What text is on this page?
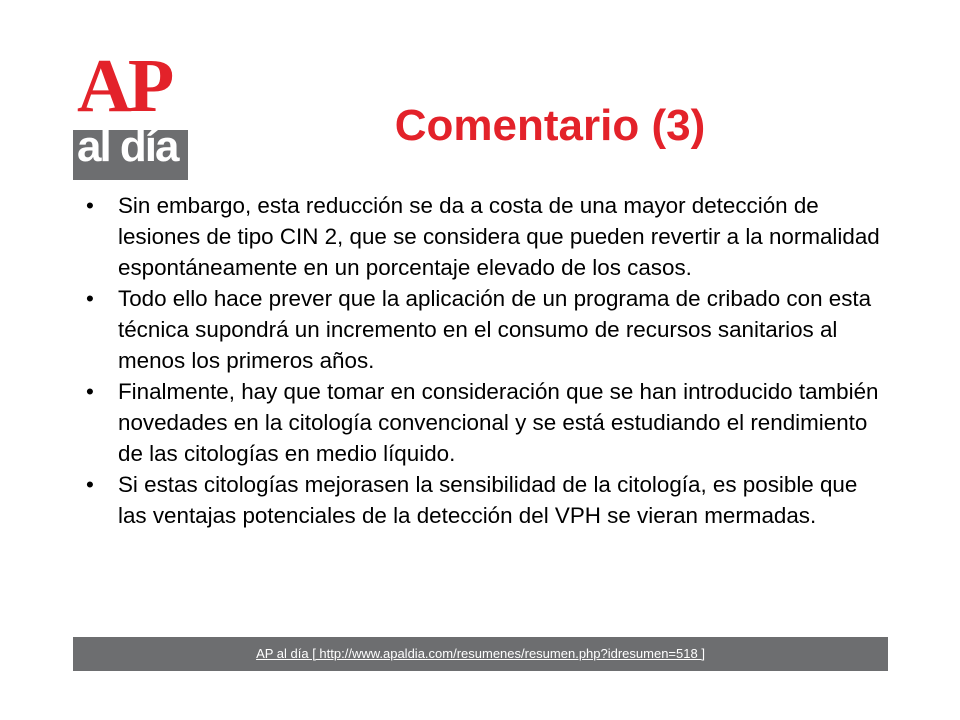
AP
al día	Comentario (3)
• Sin embargo, esta reducción se da a costa de una mayor detección de lesiones de tipo CIN 2, que se considera que pueden revertir a la normalidad espontáneamente en un porcentaje elevado de los casos.
• Todo ello hace prever que la aplicación de un programa de cribado con esta técnica supondrá un incremento en el consumo de recursos sanitarios al menos los primeros años.
• Finalmente, hay que tomar en consideración que se han introducido también novedades en la citología convencional y se está estudiando el rendimiento de las citologías en medio líquido.
• Si estas citologías mejorasen la sensibilidad de la citología, es posible que las ventajas potenciales de la detección del VPH se vieran mermadas.
AP al día [ http://www.apaldia.com/resumenes/resumen.php?idresumen=518 ]
